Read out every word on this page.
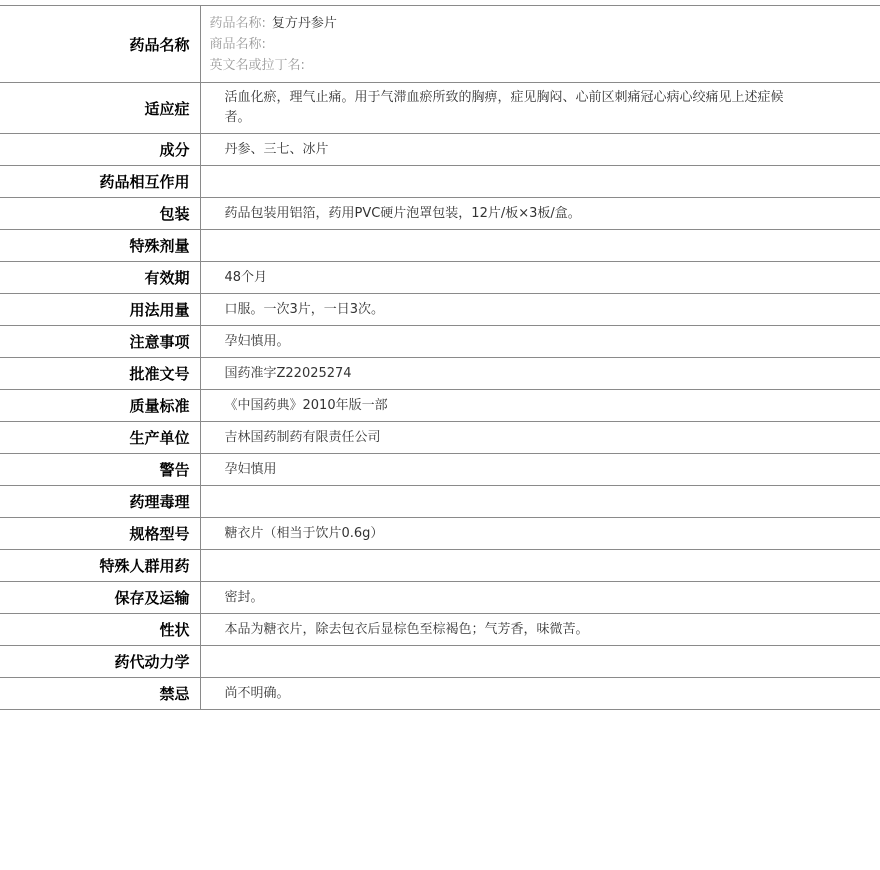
药品名称	药品名称: 复方丹参片
商品名称:
英文名或拉丁名:

适应症	活血化瘀，理气止痛。用于气滞血瘀所致的胸痹，症见胸闷、心前区刺痛冠心病心绞痛见上述症候者。
成分	丹参、三七、冰片
药品相互作用	
包装	药品包装用铝箔，药用PVC硬片泡罩包装，12片/板×3板/盒。
特殊剂量	
有效期	48个月
用法用量	口服。一次3片，一日3次。
注意事项	孕妇慎用。
批准文号	国药准字Z22025274
质量标准	《中国药典》2010年版一部
生产单位	吉林国药制药有限责任公司
警告	孕妇慎用
药理毒理	
规格型号	糖衣片（相当于饮片0.6g）
特殊人群用药	
保存及运输	密封。
性状	本品为糖衣片，除去包衣后显棕色至棕褐色；气芳香，味微苦。
药代动力学	
禁忌	尚不明确。
